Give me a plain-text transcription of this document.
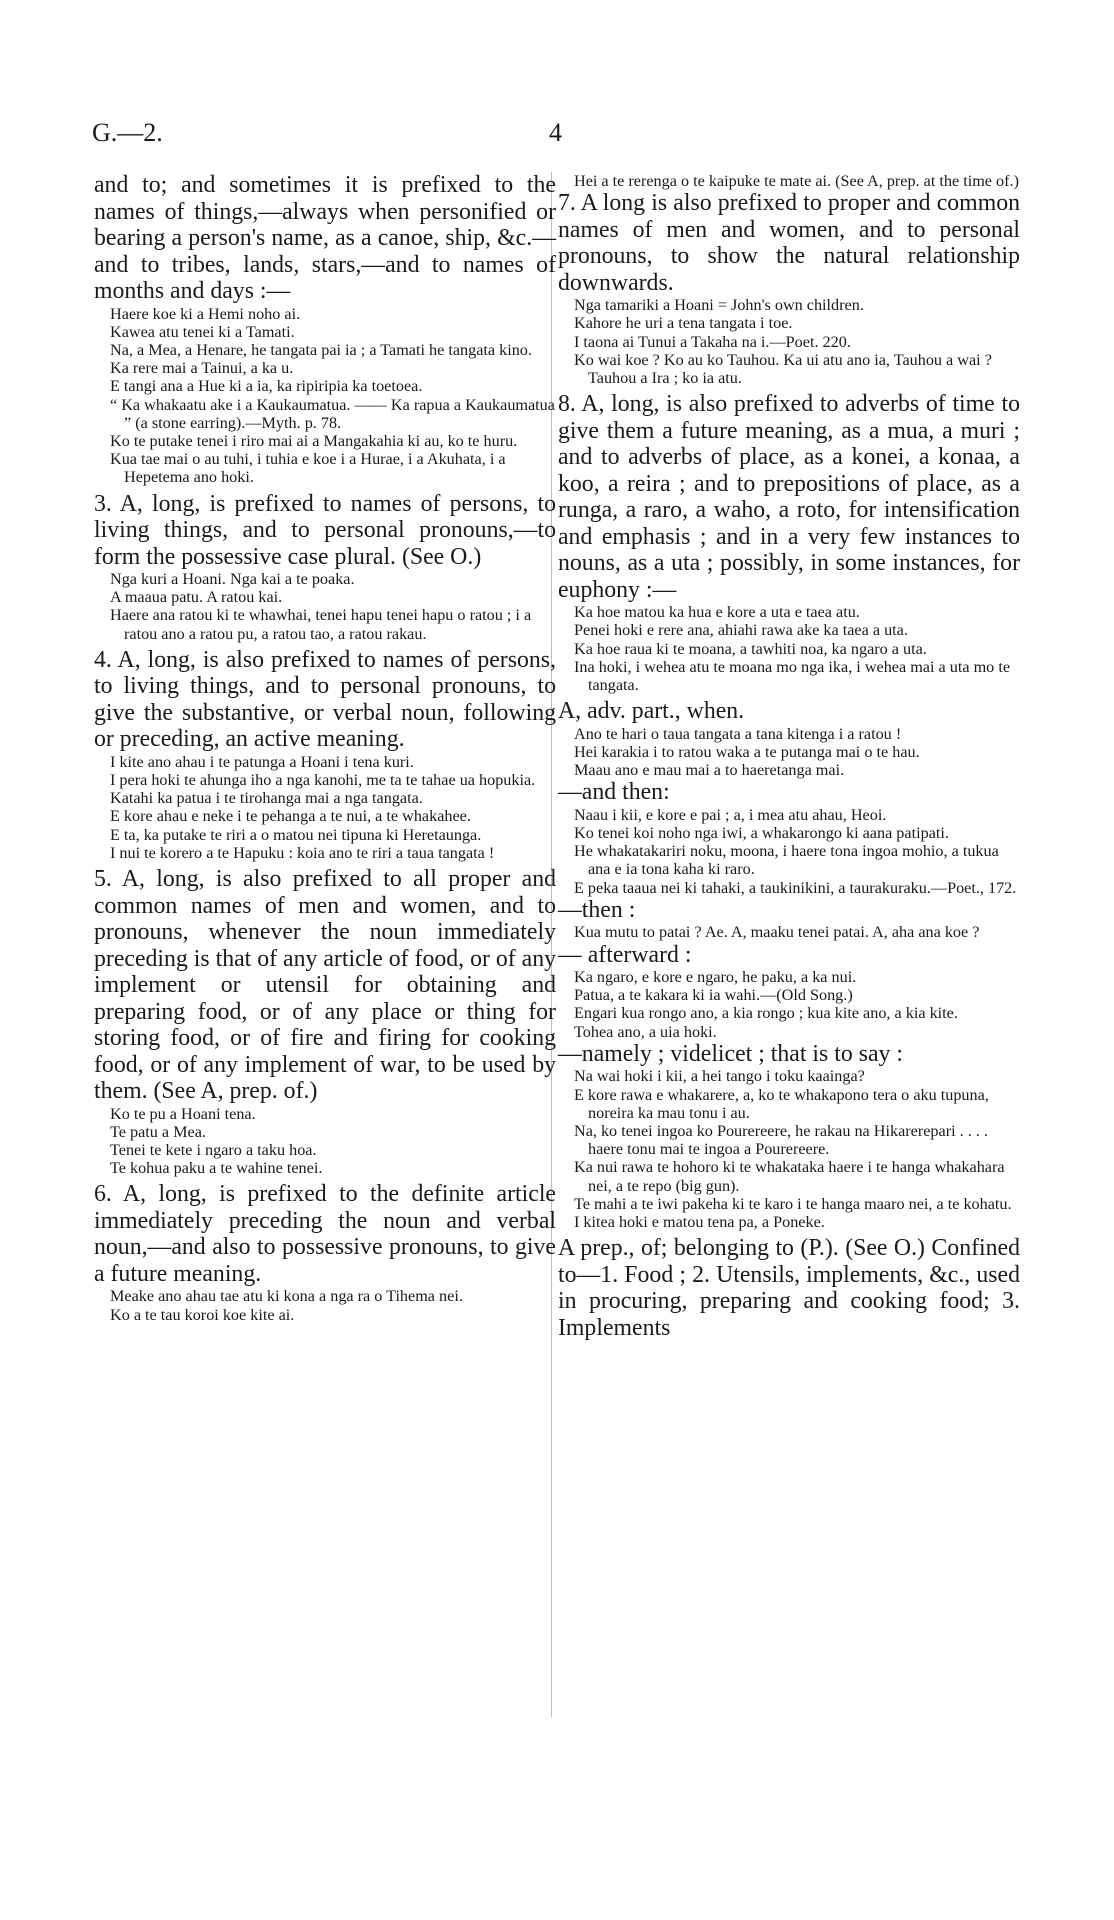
G.—2.	4

and to; and sometimes it is prefixed to the names of things,—always when personified or bearing a person's name, as a canoe, ship, &c.—and to tribes, lands, stars,—and to names of months and days :—

Haere koe ki a Hemi noho ai.

Kawea atu tenei ki a Tamati.

Na, a Mea, a Henare, he tangata pai ia ; a Tamati he tangata kino.

Ka rere mai a Tainui, a ka u.

E tangi ana a Hue ki a ia, ka ripiripia ka toetoea.

“ Ka whakaatu ake i a Kaukaumatua. —— Ka rapua a Kaukaumatua ” (a stone earring).—Myth. p. 78.

Ko te putake tenei i riro mai ai a Mangakahia ki au, ko te huru.

Kua tae mai o au tuhi, i tuhia e koe i a Hurae, i a Akuhata, i a Hepetema ano hoki.

3. A, long, is prefixed to names of persons, to living things, and to personal pronouns,—to form the possessive case plural. (See O.)

Nga kuri a Hoani. Nga kai a te poaka.

A maaua patu. A ratou kai.

Haere ana ratou ki te whawhai, tenei hapu tenei hapu o ratou ; i a ratou ano a ratou pu, a ratou tao, a ratou rakau.

4. A, long, is also prefixed to names of persons, to living things, and to personal pronouns, to give the substantive, or verbal noun, following or preceding, an active meaning.

I kite ano ahau i te patunga a Hoani i tena kuri.

I pera hoki te ahunga iho a nga kanohi, me ta te tahae ua hopukia.

Katahi ka patua i te tirohanga mai a nga tangata.

E kore ahau e neke i te pehanga a te nui, a te whakahee.

E ta, ka putake te riri a o matou nei tipuna ki Heretaunga.

I nui te korero a te Hapuku : koia ano te riri a taua tangata !

5. A, long, is also prefixed to all proper and common names of men and women, and to pronouns, whenever the noun immediately preceding is that of any article of food, or of any implement or utensil for obtaining and preparing food, or of any place or thing for storing food, or of fire and firing for cooking food, or of any implement of war, to be used by them. (See A, prep. of.)

Ko te pu a Hoani tena.

Te patu a Mea.

Tenei te kete i ngaro a taku hoa.

Te kohua paku a te wahine tenei.

6. A, long, is prefixed to the definite article immediately preceding the noun and verbal noun,—and also to possessive pronouns, to give a future meaning.

Meake ano ahau tae atu ki kona a nga ra o Tihema nei.

Ko a te tau koroi koe kite ai.

Hei a te rerenga o te kaipuke te mate ai. (See A, prep. at the time of.)

7. A long is also prefixed to proper and common names of men and women, and to personal pronouns, to show the natural relationship downwards.

Nga tamariki a Hoani = John's own children.

Kahore he uri a tena tangata i toe.

I taona ai Tunui a Takaha na i.—Poet. 220.

Ko wai koe ? Ko au ko Tauhou. Ka ui atu ano ia, Tauhou a wai ? Tauhou a Ira ; ko ia atu.

8. A, long, is also prefixed to adverbs of time to give them a future meaning, as a mua, a muri ; and to adverbs of place, as a konei, a konaa, a koo, a reira ; and to prepositions of place, as a runga, a raro, a waho, a roto, for intensification and emphasis ; and in a very few instances to nouns, as a uta ; possibly, in some instances, for euphony :—

Ka hoe matou ka hua e kore a uta e taea atu.

Penei hoki e rere ana, ahiahi rawa ake ka taea a uta.

Ka hoe raua ki te moana, a tawhiti noa, ka ngaro a uta.

Ina hoki, i wehea atu te moana mo nga ika, i wehea mai a uta mo te tangata.

A, adv. part., when.

Ano te hari o taua tangata a tana kitenga i a ratou !

Hei karakia i to ratou waka a te putanga mai o te hau.

Maau ano e mau mai a to haeretanga mai.

—and then:

Naau i kii, e kore e pai ; a, i mea atu ahau, Heoi.

Ko tenei koi noho nga iwi, a whakarongo ki aana patipati.

He whakatakariri noku, moona, i haere tona ingoa mohio, a tukua ana e ia tona kaha ki raro.

E peka taaua nei ki tahaki, a taukinikini, a taurakuraku.—Poet., 172.

—then :

Kua mutu to patai ? Ae. A, maaku tenei patai. A, aha ana koe ?

— afterward :

Ka ngaro, e kore e ngaro, he paku, a ka nui.

Patua, a te kakara ki ia wahi.—(Old Song.)

Engari kua rongo ano, a kia rongo ; kua kite ano, a kia kite.

Tohea ano, a uia hoki.

—namely ; videlicet ; that is to say :

Na wai hoki i kii, a hei tango i toku kaainga?

E kore rawa e whakarere, a, ko te whakapono tera o aku tupuna, noreira ka mau tonu i au.

Na, ko tenei ingoa ko Pourereere, he rakau na Hikarerepari . . . . haere tonu mai te ingoa a Pourereere.

Ka nui rawa te hohoro ki te whakataka haere i te hanga whakahara nei, a te repo (big gun).

Te mahi a te iwi pakeha ki te karo i te hanga maaro nei, a te kohatu.

I kitea hoki e matou tena pa, a Poneke.

A prep., of; belonging to (P.). (See O.) Confined to—1. Food ; 2. Utensils, implements, &c., used in procuring, preparing and cooking food; 3. Implements
